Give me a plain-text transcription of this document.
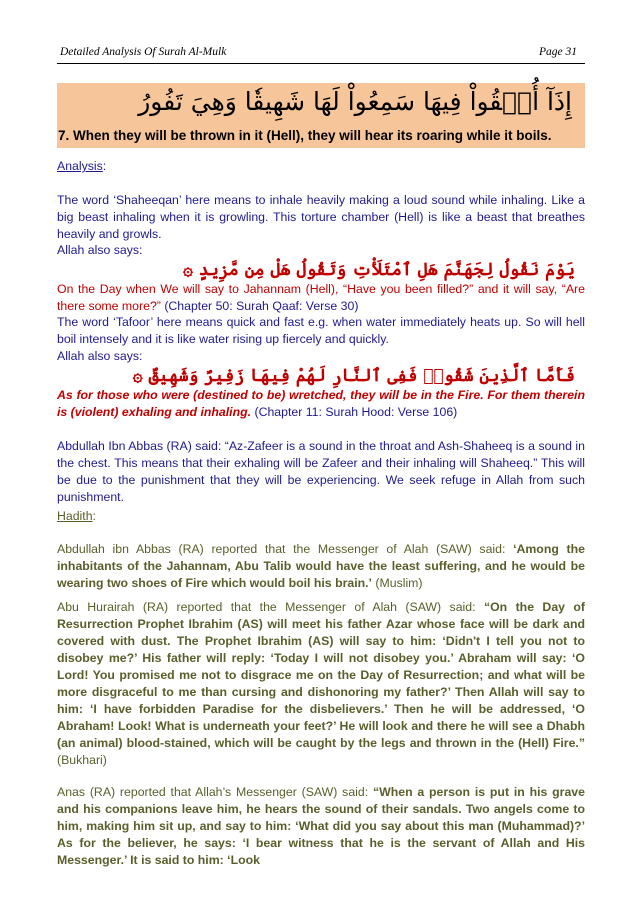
Detailed Analysis Of Surah Al-Mulk	Page 31
إِذَآ أُلۡقُواْ فِيهَا سَمِعُواْ لَهَا شَهِيقٗا وَهِيَ تَفُورُ
7. When they will be thrown in it (Hell), they will hear its roaring while it boils.
Analysis:

The word ‘Shaheeqan’ here means to inhale heavily making a loud sound while inhaling. Like a big beast inhaling when it is growling. This torture chamber (Hell) is like a beast that breathes heavily and growls.

Allah also says:

يَوْمَ نَقُولُ لِجَهَنَّمَ هَلِ ٱمْتَلَأْتِ وَتَقُولُ هَلْ مِن مَّزِيدٍ ۞

On the Day when We will say to Jahannam (Hell), “Have you been filled?” and it will say, “Are there some more?” (Chapter 50: Surah Qaaf: Verse 30)

The word ‘Tafoor’ here means quick and fast e.g. when water immediately heats up. So will hell boil intensely and it is like water rising up fiercely and quickly.

Allah also says:

فَأَمَّا ٱلَّذِينَ شَقُوا۟ فَفِى ٱلنَّارِ لَهُمْ فِيهَا زَفِيرٌ وَشَهِيقٌ ۞

As for those who were (destined to be) wretched, they will be in the Fire. For them therein is (violent) exhaling and inhaling. (Chapter 11: Surah Hood: Verse 106)

Abdullah Ibn Abbas (RA) said: “Az-Zafeer is a sound in the throat and Ash-Shaheeq is a sound in the chest. This means that their exhaling will be Zafeer and their inhaling will Shaheeq.” This will be due to the punishment that they will be experiencing. We seek refuge in Allah from such punishment.

Hadith:

Abdullah ibn Abbas (RA) reported that the Messenger of Alah (SAW) said: ‘Among the inhabitants of the Jahannam, Abu Talib would have the least suffering, and he would be wearing two shoes of Fire which would boil his brain.’ (Muslim)

Abu Hurairah (RA) reported that the Messenger of Alah (SAW) said: “On the Day of Resurrection Prophet Ibrahim (AS) will meet his father Azar whose face will be dark and covered with dust. The Prophet Ibrahim (AS) will say to him: ‘Didn't I tell you not to disobey me?’ His father will reply: ‘Today I will not disobey you.’ Abraham will say: ‘O Lord! You promised me not to disgrace me on the Day of Resurrection; and what will be more disgraceful to me than cursing and dishonoring my father?’ Then Allah will say to him: ‘I have forbidden Paradise for the disbelievers.’ Then he will be addressed, ‘O Abraham! Look! What is underneath your feet?’ He will look and there he will see a Dhabh (an animal) blood-stained, which will be caught by the legs and thrown in the (Hell) Fire.” (Bukhari)

Anas (RA) reported that Allah’s Messenger (SAW) said: “When a person is put in his grave and his companions leave him, he hears the sound of their sandals. Two angels come to him, making him sit up, and say to him: ‘What did you say about this man (Muhammad)?’ As for the believer, he says: ‘I bear witness that he is the servant of Allah and His Messenger.’ It is said to him: ‘Look
